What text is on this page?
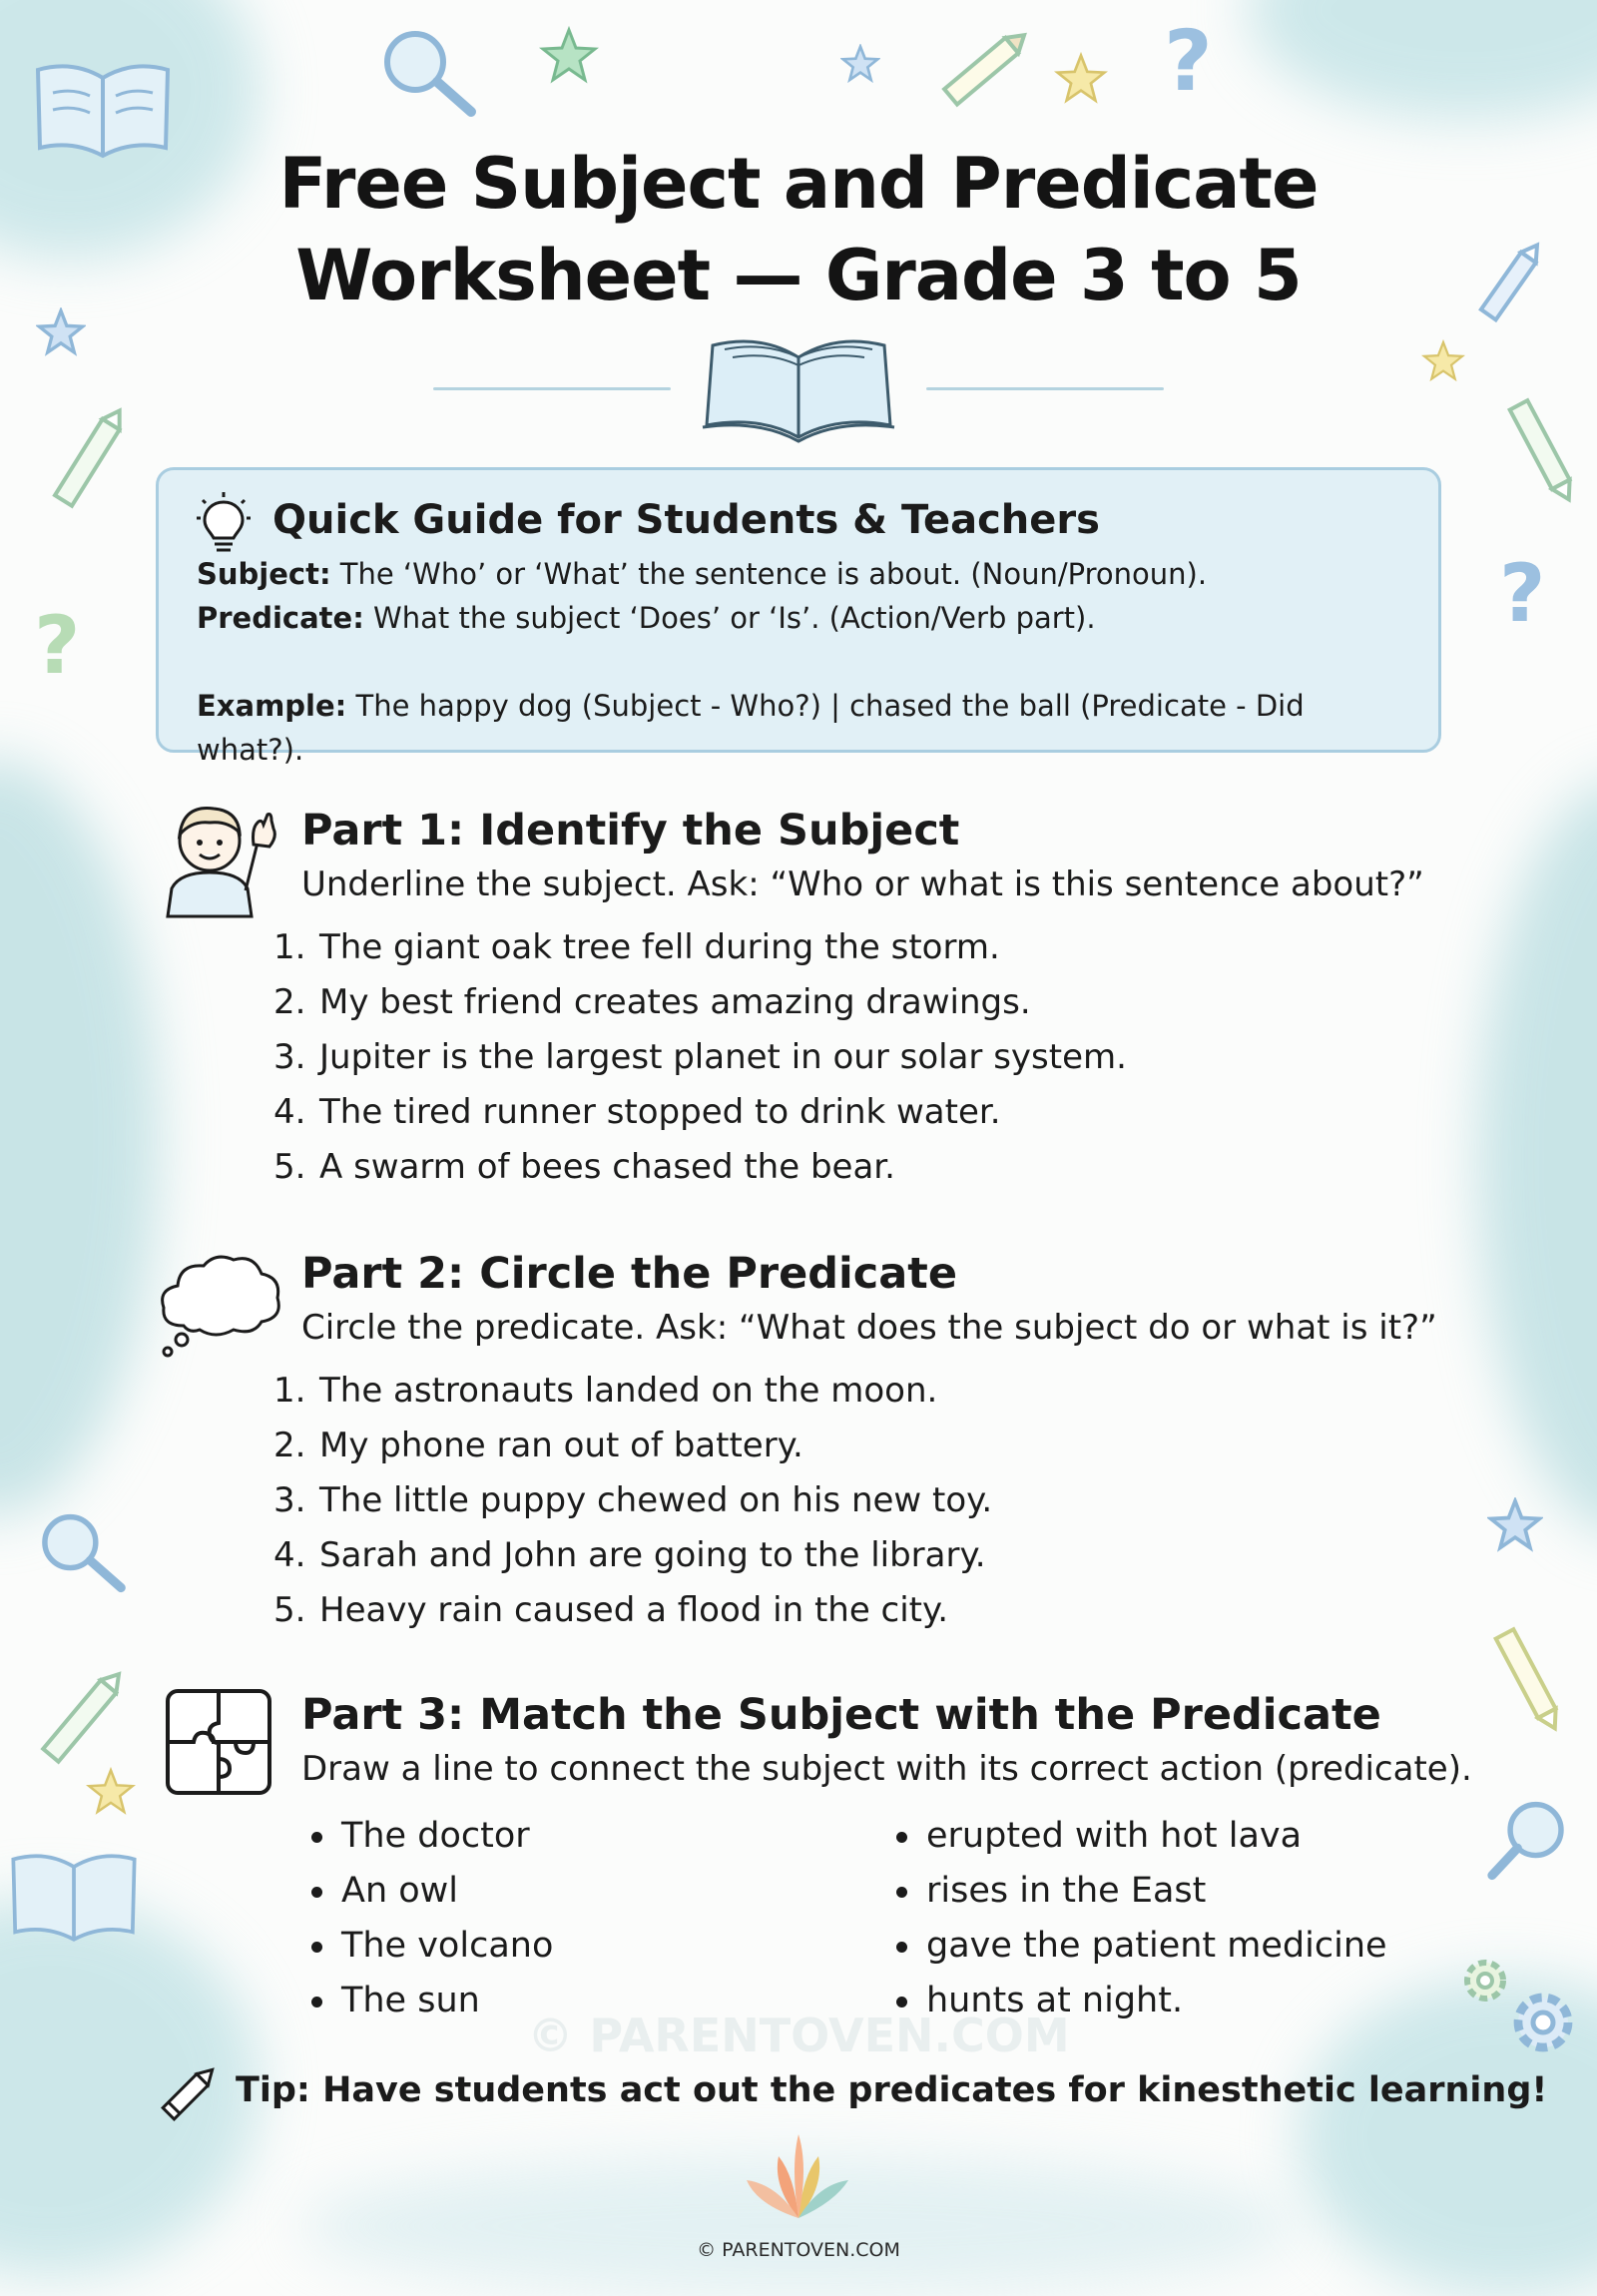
?
?
?
Free Subject and Predicate
Worksheet — Grade 3 to 5
Quick Guide for Students & Teachers
Subject: The ‘Who’ or ‘What’ the sentence is about. (Noun/Pronoun).
Predicate: What the subject ‘Does’ or ‘Is’. (Action/Verb part).

Example: The happy dog (Subject - Who?) | chased the ball (Predicate - Did what?).
Part 1: Identify the Subject

Underline the subject. Ask: “Who or what is this sentence about?”

1. The giant oak tree fell during the storm.
2. My best friend creates amazing drawings.
3. Jupiter is the largest planet in our solar system.
4. The tired runner stopped to drink water.
5. A swarm of bees chased the bear.
Part 2: Circle the Predicate

Circle the predicate. Ask: “What does the subject do or what is it?”

1. The astronauts landed on the moon.
2. My phone ran out of battery.
3. The little puppy chewed on his new toy.
4. Sarah and John are going to the library.
5. Heavy rain caused a flood in the city.
Part 3: Match the Subject with the Predicate

Draw a line to connect the subject with its correct action (predicate).

The doctor
An owl
The volcano
The sun
erupted with hot lava
rises in the East
gave the patient medicine
hunts at night.
© PARENTOVEN.COM
Tip: Have students act out the predicates for kinesthetic learning!
© PARENTOVEN.COM
